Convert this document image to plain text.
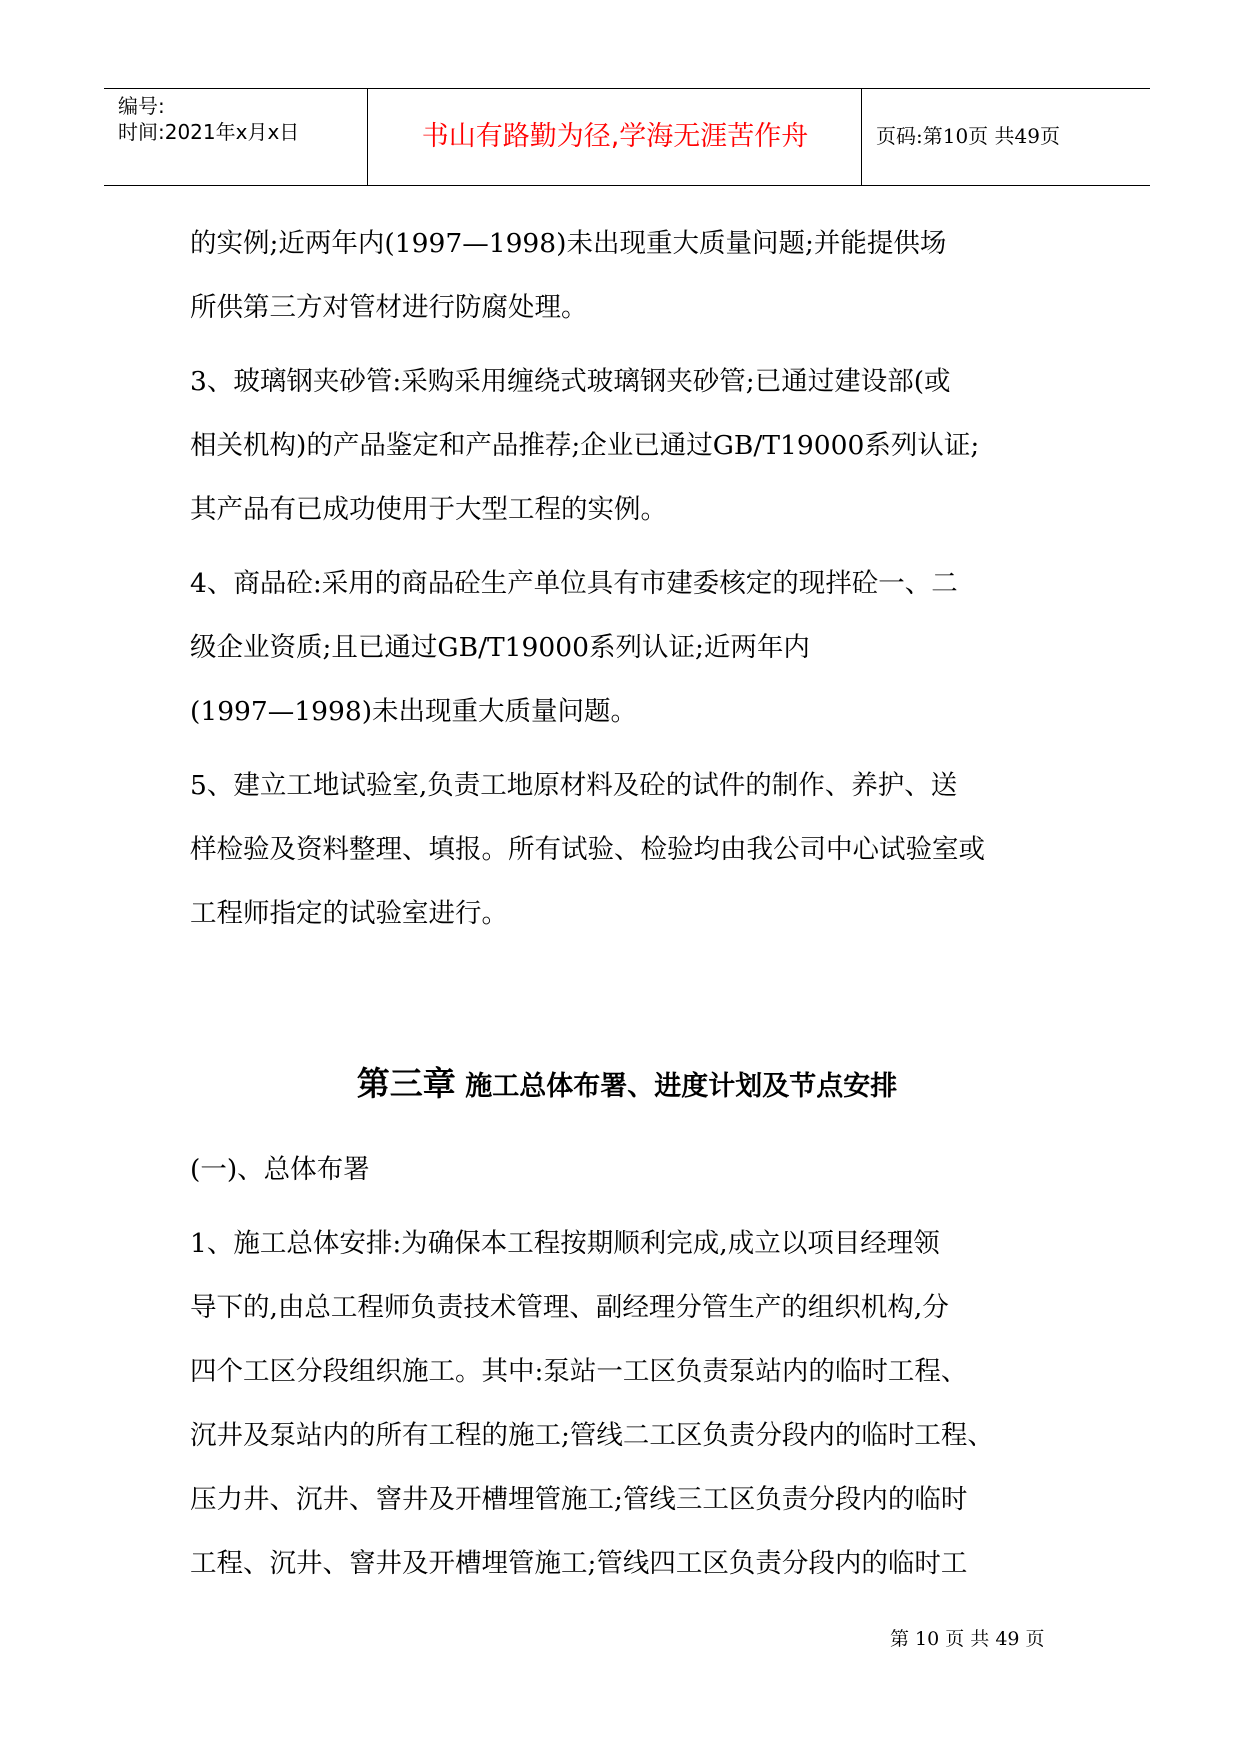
编号:
时间:2021年x月x日	书山有路勤为径,学海无涯苦作舟	页码:第10页 共49页

的实例;近两年内(1997—1998)未出现重大质量问题;并能提供场

所供第三方对管材进行防腐处理。

3、玻璃钢夹砂管:采购采用缠绕式玻璃钢夹砂管;已通过建设部(或

相关机构)的产品鉴定和产品推荐;企业已通过GB/T19000系列认证;

其产品有已成功使用于大型工程的实例。

4、商品砼:采用的商品砼生产单位具有市建委核定的现拌砼一、二

级企业资质;且已通过GB/T19000系列认证;近两年内

(1997—1998)未出现重大质量问题。

5、建立工地试验室,负责工地原材料及砼的试件的制作、养护、送

样检验及资料整理、填报。所有试验、检验均由我公司中心试验室或

工程师指定的试验室进行。

第三章 施工总体布署、进度计划及节点安排

(一)、总体布署

1、施工总体安排:为确保本工程按期顺利完成,成立以项目经理领

导下的,由总工程师负责技术管理、副经理分管生产的组织机构,分

四个工区分段组织施工。其中:泵站一工区负责泵站内的临时工程、

沉井及泵站内的所有工程的施工;管线二工区负责分段内的临时工程、

压力井、沉井、窨井及开槽埋管施工;管线三工区负责分段内的临时

工程、沉井、窨井及开槽埋管施工;管线四工区负责分段内的临时工

第 10 页 共 49 页
